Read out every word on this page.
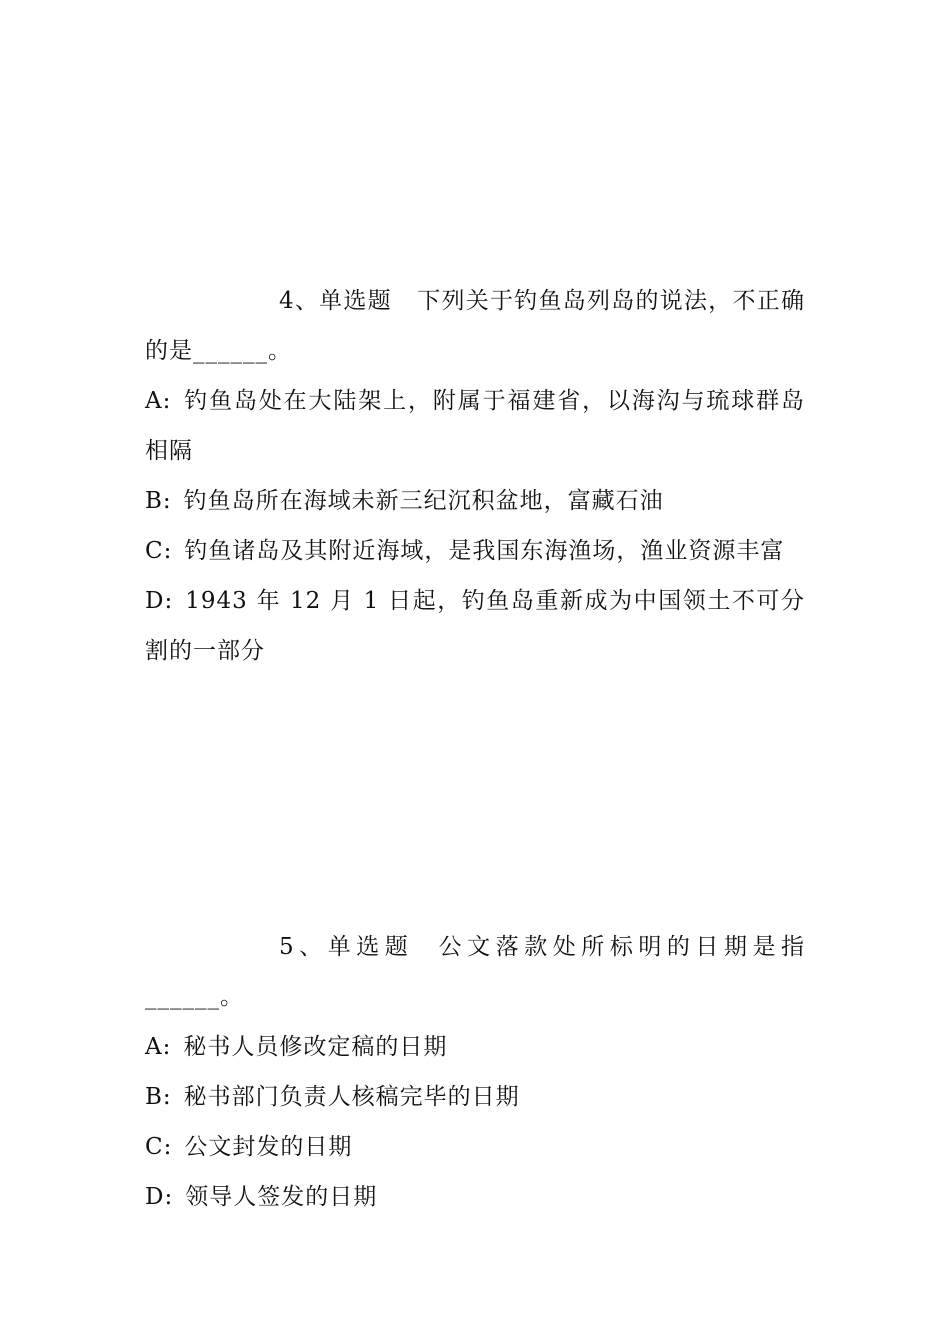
4、单选题 下列关于钓鱼岛列岛的说法，不正确的是______。

A: 钓鱼岛处在大陆架上，附属于福建省，以海沟与琉球群岛相隔

B: 钓鱼岛所在海域未新三纪沉积盆地，富藏石油

C: 钓鱼诸岛及其附近海域，是我国东海渔场，渔业资源丰富

D: 1943 年 12 月 1 日起，钓鱼岛重新成为中国领土不可分割的一部分

5、单选题 公文落款处所标明的日期是指______。

A: 秘书人员修改定稿的日期

B: 秘书部门负责人核稿完毕的日期

C: 公文封发的日期

D: 领导人签发的日期
